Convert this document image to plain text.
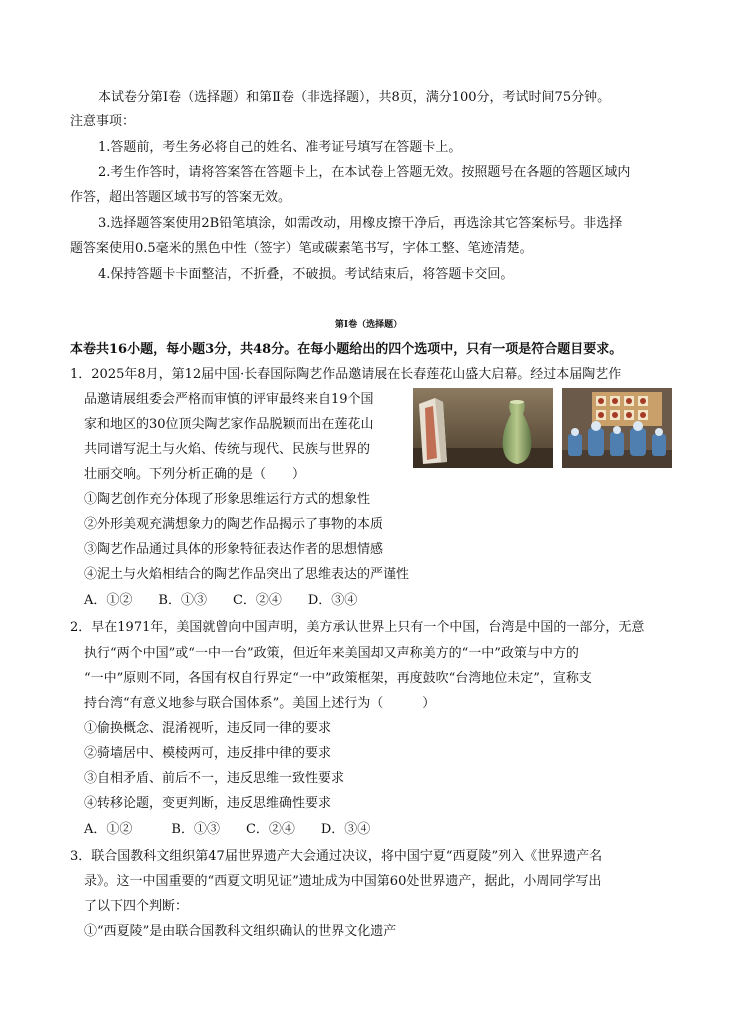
本试卷分第Ⅰ卷（选择题）和第Ⅱ卷（非选择题），共8页，满分100分，考试时间75分钟。
注意事项：
1.答题前，考生务必将自己的姓名、准考证号填写在答题卡上。
2.考生作答时，请将答案答在答题卡上，在本试卷上答题无效。按照题号在各题的答题区域内
作答，超出答题区域书写的答案无效。
3.选择题答案使用2B铅笔填涂，如需改动，用橡皮擦干净后，再选涂其它答案标号。非选择
题答案使用0.5毫米的黑色中性（签字）笔或碳素笔书写，字体工整、笔迹清楚。
4.保持答题卡卡面整洁，不折叠，不破损。考试结束后，将答题卡交回。
第Ⅰ卷（选择题）
本卷共16小题，每小题3分，共48分。在每小题给出的四个选项中，只有一项是符合题目要求。
1．2025年8月，第12届中国·长春国际陶艺作品邀请展在长春莲花山盛大启幕。经过本届陶艺作
品邀请展组委会严格而审慎的评审最终来自19个国
家和地区的30位顶尖陶艺家作品脱颖而出在莲花山
共同谱写泥土与火焰、传统与现代、民族与世界的
壮丽交响。下列分析正确的是（　　）
①陶艺创作充分体现了形象思维运行方式的想象性
②外形美观充满想象力的陶艺作品揭示了事物的本质
③陶艺作品通过具体的形象特征表达作者的思想情感
④泥土与火焰相结合的陶艺作品突出了思维表达的严谨性
A．①②　　B．①③　　C．②④　　D．③④
2．早在1971年，美国就曾向中国声明，美方承认世界上只有一个中国，台湾是中国的一部分，无意
执行“两个中国”或“一中一台”政策，但近年来美国却又声称美方的“一中”政策与中方的
“一中”原则不同，各国有权自行界定“一中”政策框架，再度鼓吹“台湾地位未定”，宣称支
持台湾“有意义地参与联合国体系”。美国上述行为（　　　）
①偷换概念、混淆视听，违反同一律的要求
②骑墙居中、模棱两可，违反排中律的要求
③自相矛盾、前后不一，违反思维一致性要求
④转移论题，变更判断，违反思维确性要求
A．①②　　　B．①③　　C．②④　　D．③④
3．联合国教科文组织第47届世界遗产大会通过决议，将中国宁夏“西夏陵”列入《世界遗产名
录》。这一中国重要的“西夏文明见证”遗址成为中国第60处世界遗产，据此，小周同学写出
了以下四个判断：
①“西夏陵”是由联合国教科文组织确认的世界文化遗产
